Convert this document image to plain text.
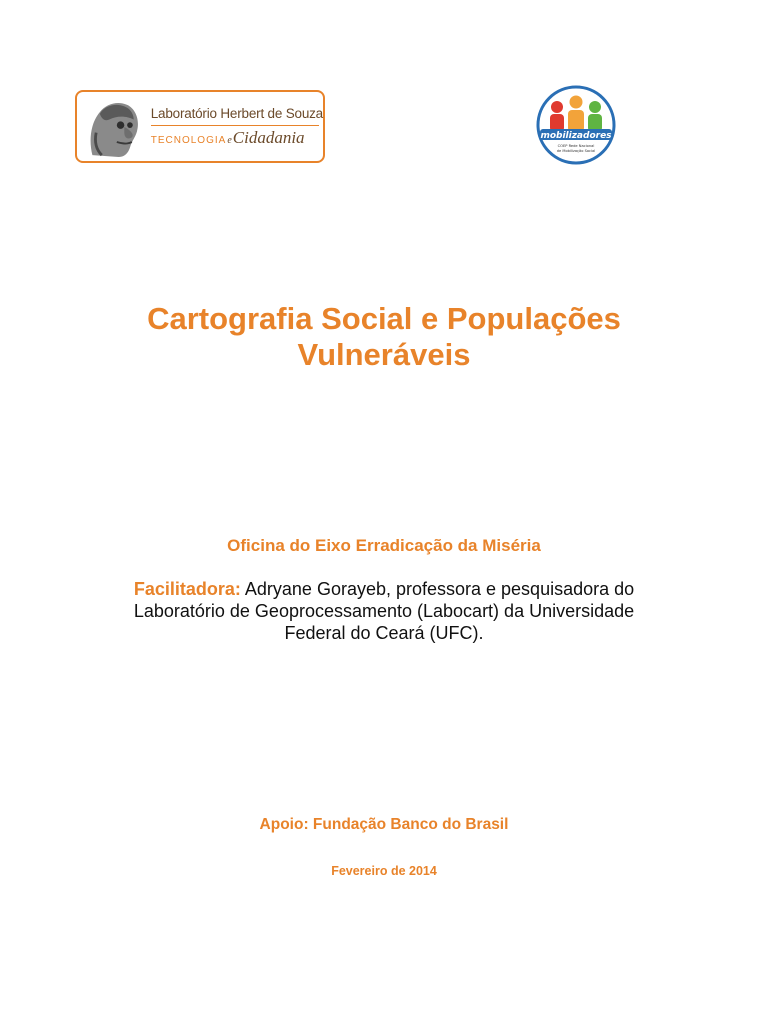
Laboratório Herbert de Souza
TECNOLOGIA e Cidadania	mobilizadores
COEP Rede Nacional
de Mobilização Social
Cartografia Social e Populações
Vulneráveis
Oficina do Eixo Erradicação da Miséria
Facilitadora: Adryane Gorayeb, professora e pesquisadora do
Laboratório de Geoprocessamento (Labocart) da Universidade
Federal do Ceará (UFC).
Apoio: Fundação Banco do Brasil
Fevereiro de 2014
